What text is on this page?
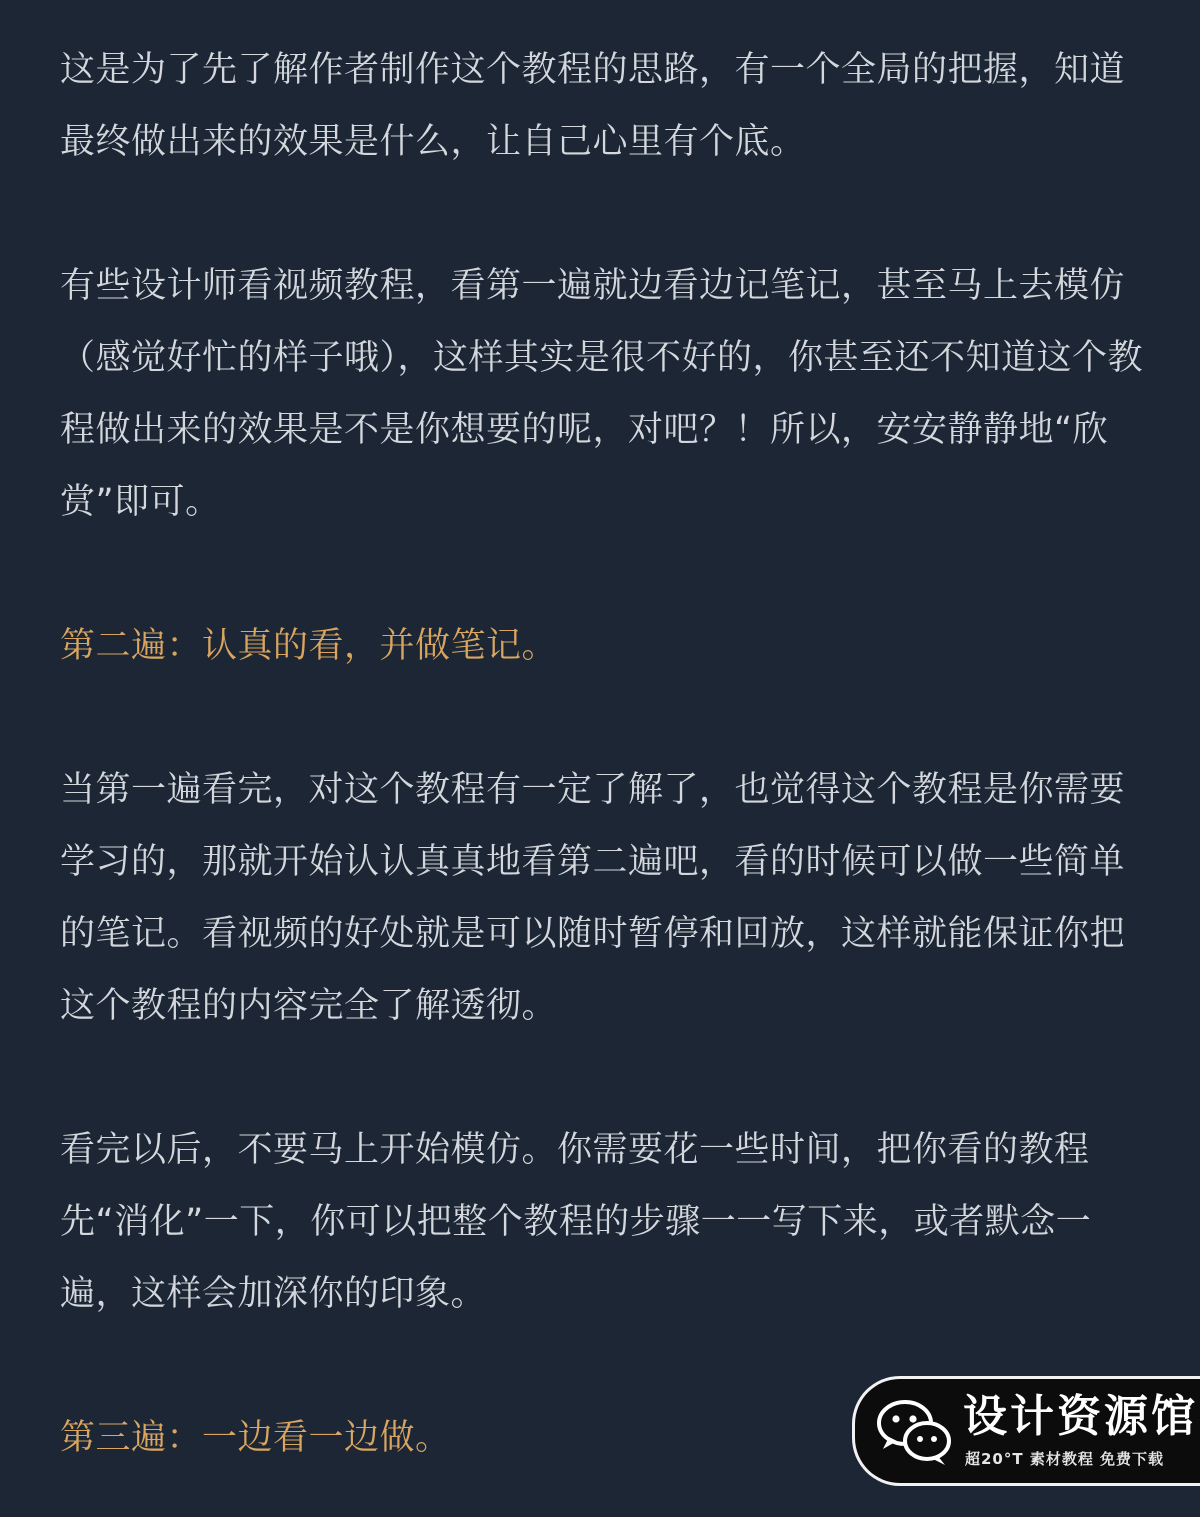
这是为了先了解作者制作这个教程的思路，有一个全局的把握，知道最终做出来的效果是什么，让自己心里有个底。

有些设计师看视频教程，看第一遍就边看边记笔记，甚至马上去模仿（感觉好忙的样子哦），这样其实是很不好的，你甚至还不知道这个教程做出来的效果是不是你想要的呢，对吧？！所以，安安静静地“欣赏”即可。

第二遍：认真的看，并做笔记。

当第一遍看完，对这个教程有一定了解了，也觉得这个教程是你需要学习的，那就开始认认真真地看第二遍吧，看的时候可以做一些简单的笔记。看视频的好处就是可以随时暂停和回放，这样就能保证你把这个教程的内容完全了解透彻。

看完以后，不要马上开始模仿。你需要花一些时间，把你看的教程先“消化”一下，你可以把整个教程的步骤一一写下来，或者默念一遍，这样会加深你的印象。

第三遍：一边看一边做。	设计资源馆
超20°T 素材教程 免费下载
